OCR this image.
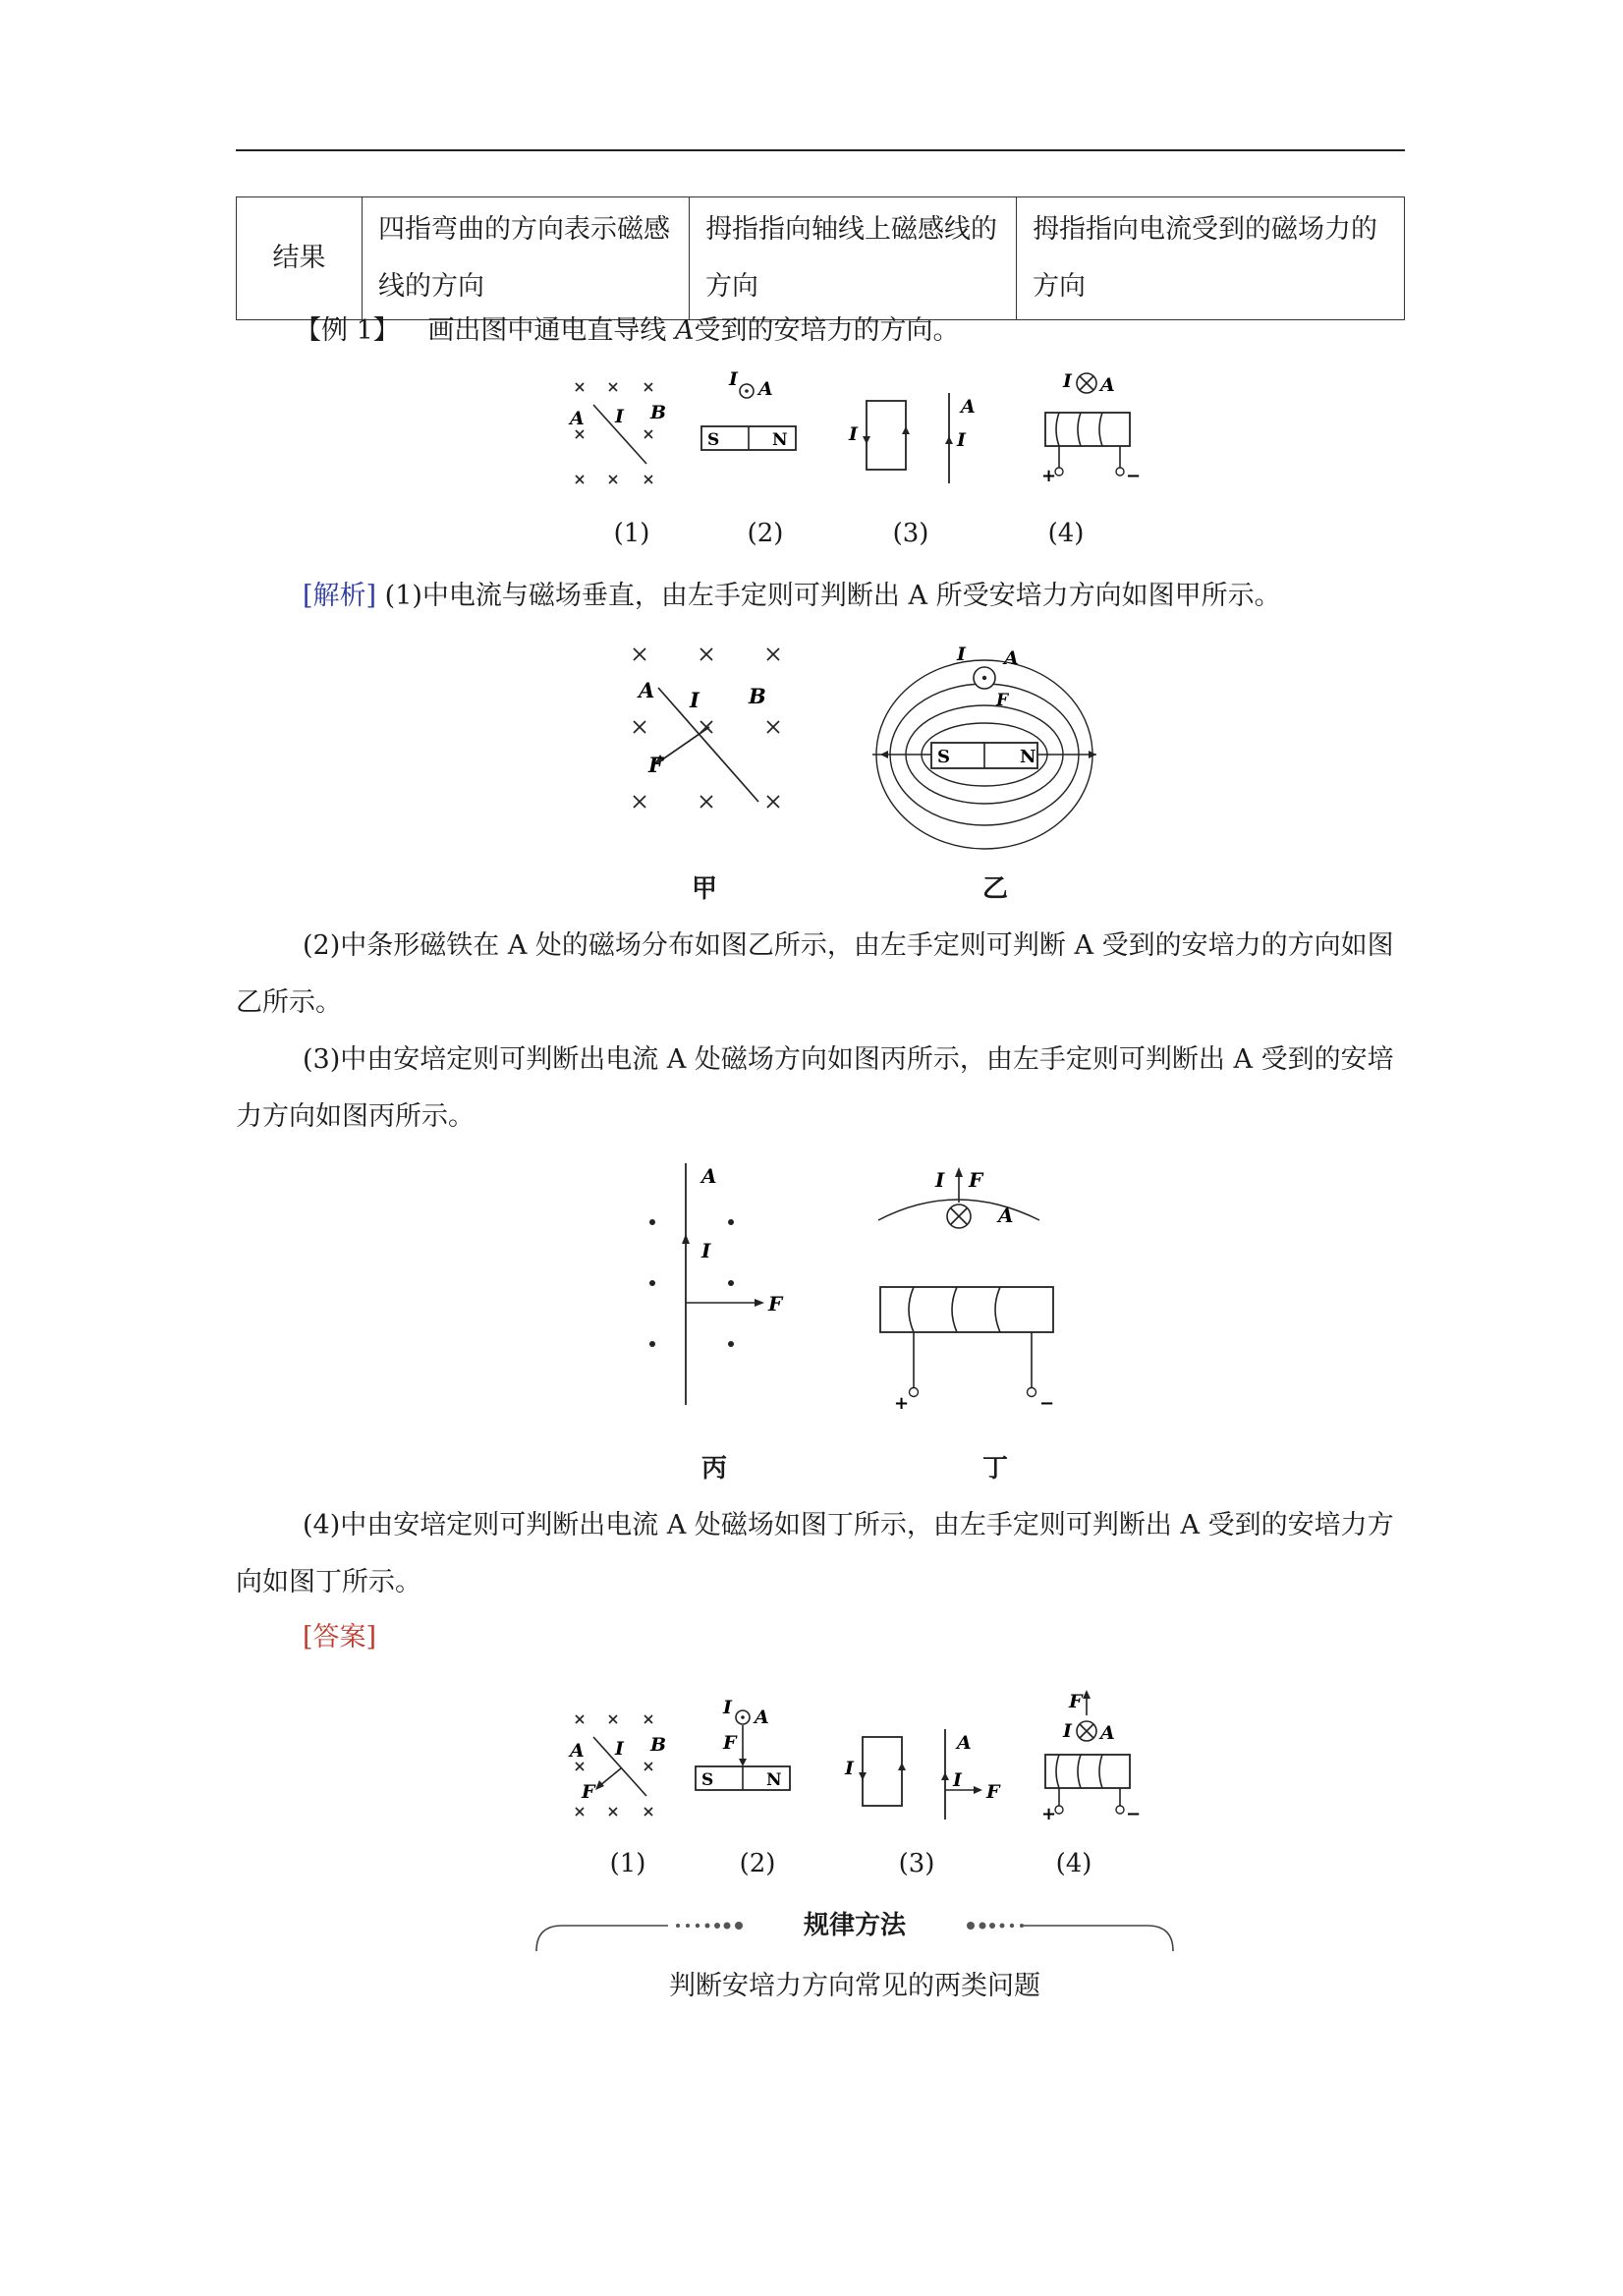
结果	四指弯曲的方向表示磁感线的方向	拇指指向轴线上磁感线的方向	拇指指向电流受到的磁场力的方向
【例 1】 画出图中通电直导线 A受到的安培力的方向。
A I B
I A
S	N	I
A
I
I A
+	−
(1)	(2)	(3)	(4)
[解析] (1)中电流与磁场垂直，由左手定则可判断出 A 所受安培力方向如图甲所示。
A I B
F	S	N
I A
F
甲	乙
(2)中条形磁铁在 A 处的磁场分布如图乙所示，由左手定则可判断 A 受到的安培力的方向如图乙所示。
(3)中由安培定则可判断出电流 A 处磁场方向如图丙所示，由左手定则可判断出 A 受到的安培力方向如图丙所示。
A
I
F
I F
A
+	−
丙	丁
(4)中由安培定则可判断出电流 A 处磁场如图丁所示，由左手定则可判断出 A 受到的安培力方向如图丁所示。
[答案]
A I B
F
I A
F
S	N
I
A
I
F
F
I A
+	−
(1)	(2)	(3)	(4)
规律方法
判断安培力方向常见的两类问题
